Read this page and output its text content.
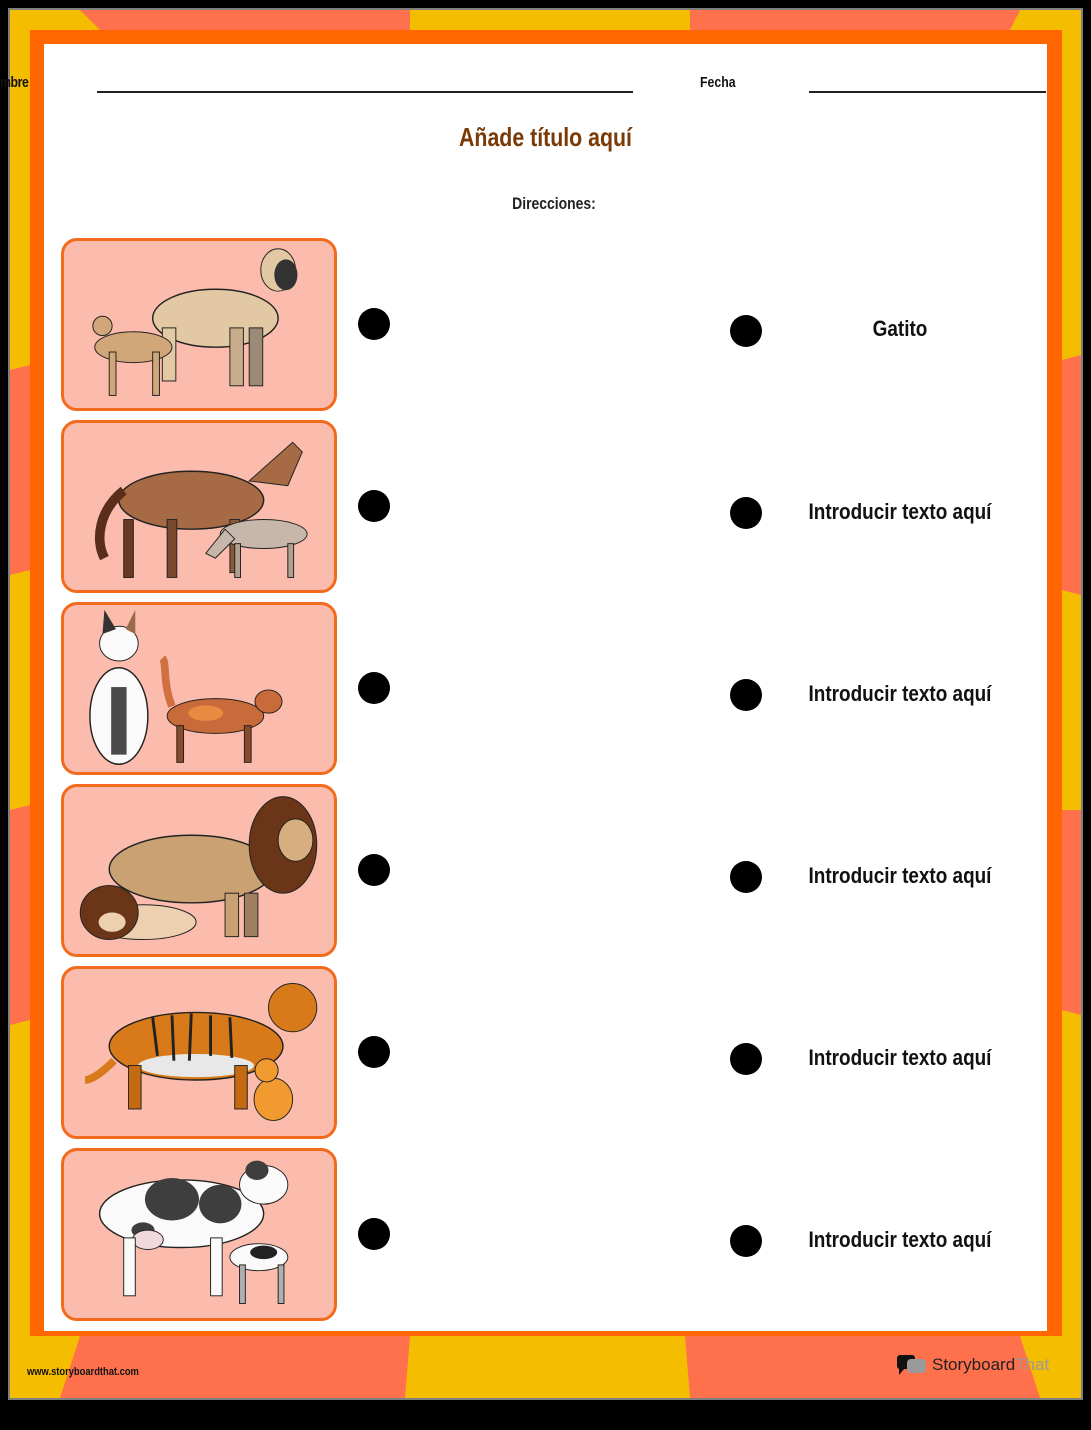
mbre	Fecha
Añade título aquí
Direcciones:
Gatito
Introducir texto aquí
Introducir texto aquí
Introducir texto aquí
Introducir texto aquí
Introducir texto aquí
www.storyboardthat.com	Storyboard That
